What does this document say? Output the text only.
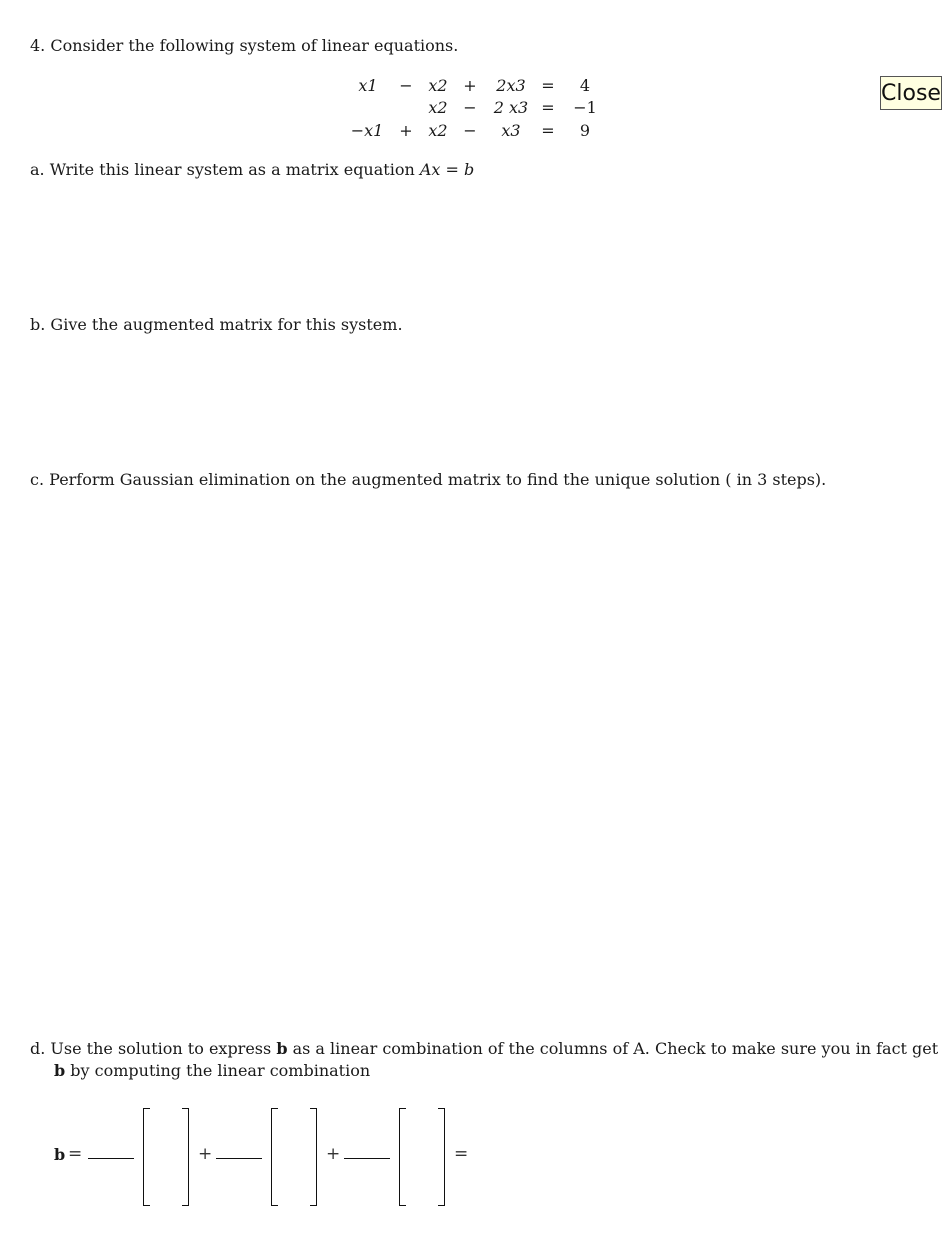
Close
4. Consider the following system of linear equations.
x1	− x2 + 2x3 =	4
x2 − 2 x3 = −1
−x1 + x2 −	x3	=	9
a. Write this linear system as a matrix equation Ax = b
b. Give the augmented matrix for this system.
c. Perform Gaussian elimination on the augmented matrix to find the unique solution ( in 3 steps).
d. Use the solution to express b as a linear combination of the columns of A. Check to make sure you in fact get
b by computing the linear combination
b =	+	+	=
